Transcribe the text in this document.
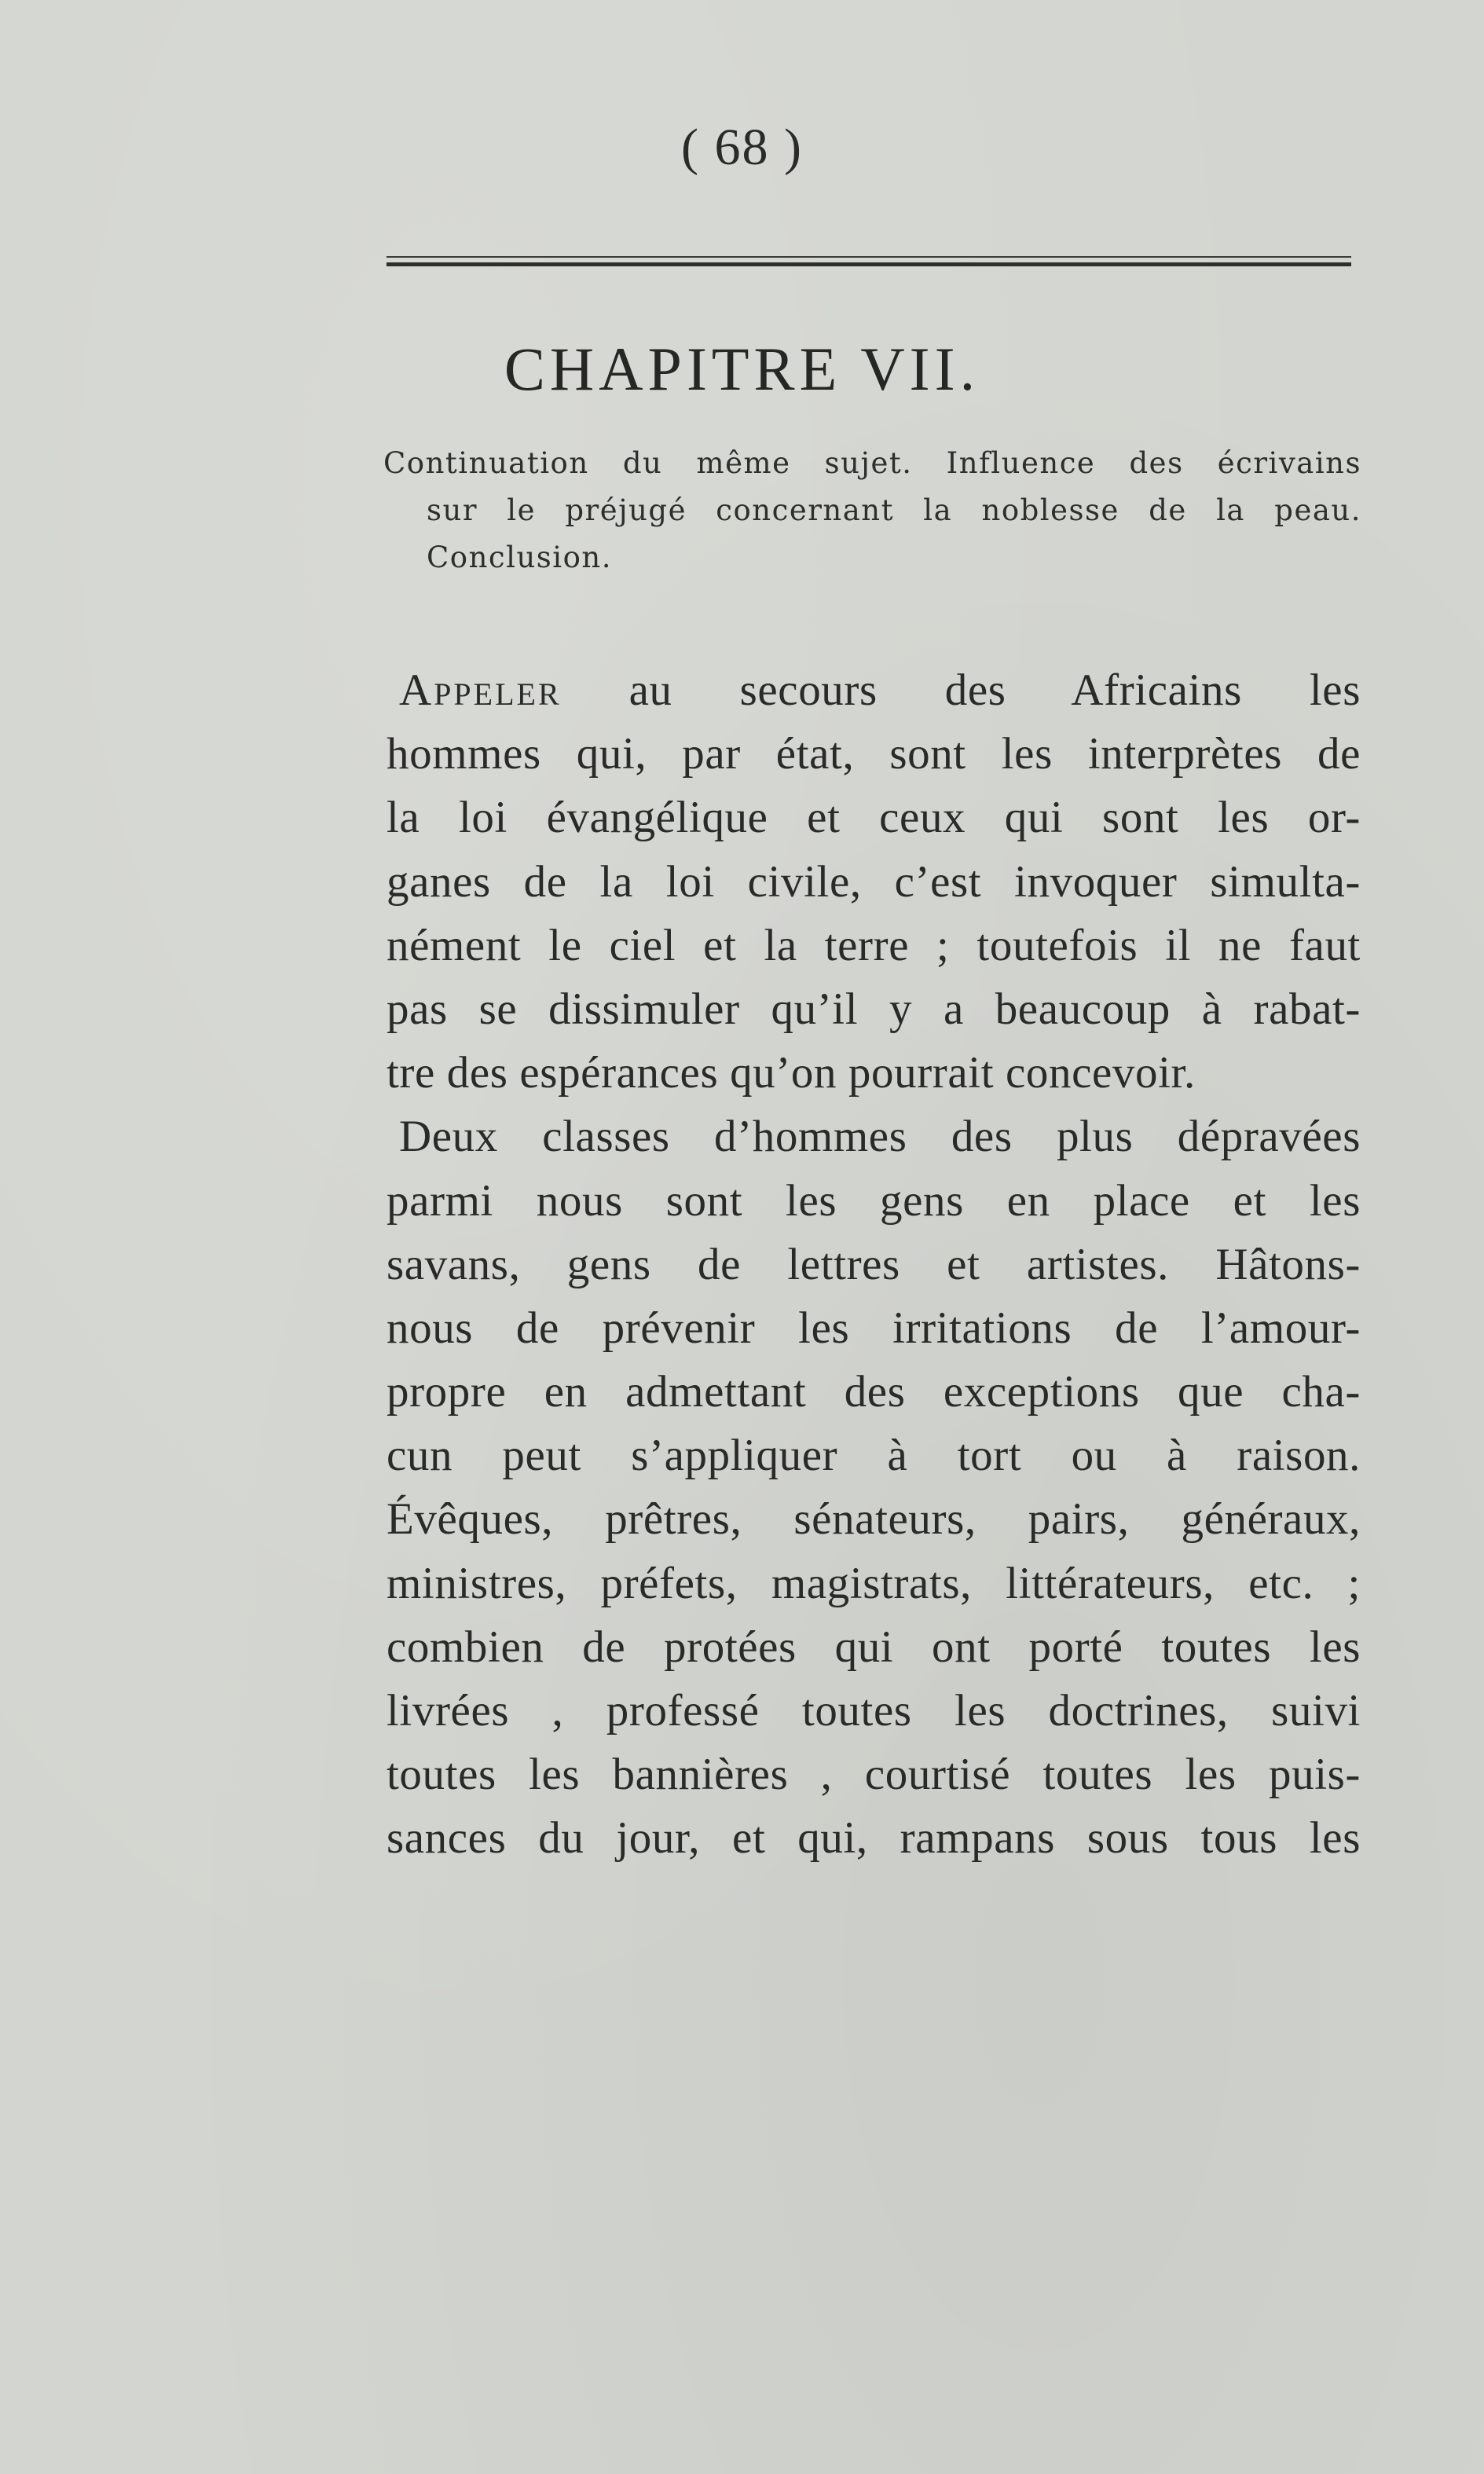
( 68 )
CHAPITRE VII.
Continuation du même sujet. Influence des écrivains
sur le préjugé concernant la noblesse de la peau.
Conclusion.
Appeler au secours des Africains les
hommes qui, par état, sont les interprètes de
la loi évangélique et ceux qui sont les or-
ganes de la loi civile, c’est invoquer simulta-
nément le ciel et la terre ; toutefois il ne faut
pas se dissimuler qu’il y a beaucoup à rabat-
tre des espérances qu’on pourrait concevoir.
Deux classes d’hommes des plus dépravées
parmi nous sont les gens en place et les
savans, gens de lettres et artistes. Hâtons-
nous de prévenir les irritations de l’amour-
propre en admettant des exceptions que cha-
cun peut s’appliquer à tort ou à raison.
Évêques, prêtres, sénateurs, pairs, généraux,
ministres, préfets, magistrats, littérateurs, etc. ;
combien de protées qui ont porté toutes les
livrées , professé toutes les doctrines, suivi
toutes les bannières , courtisé toutes les puis-
sances du jour, et qui, rampans sous tous les
